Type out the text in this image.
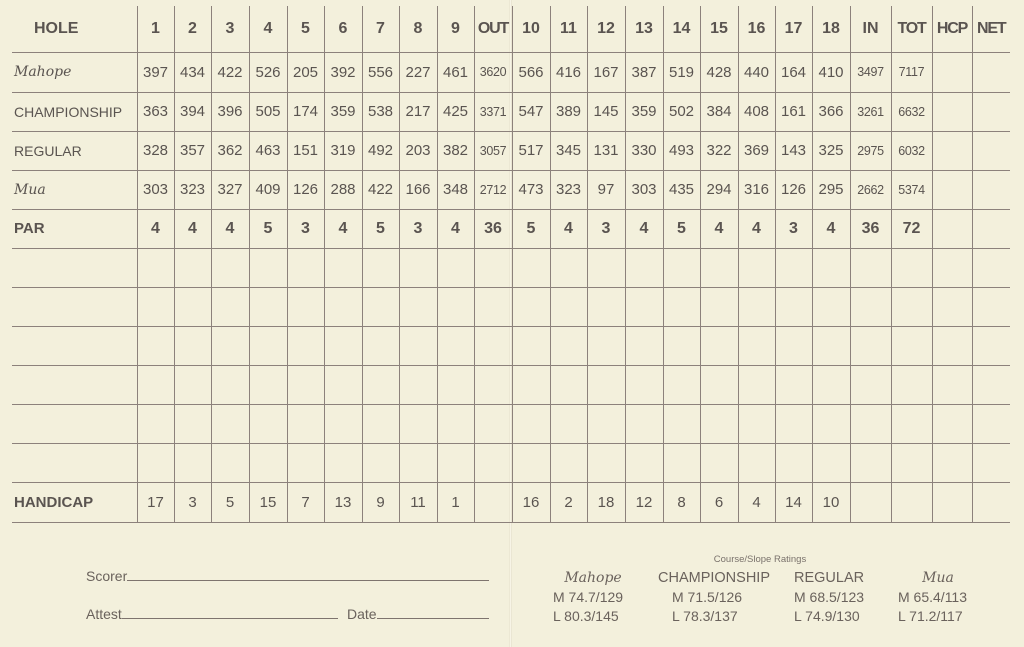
HOLE	1	2	3	4	5	6	7	8	9	OUT	10	11	12	13	14	15	16	17	18	IN	TOT	HCP	NET
Mahope	397	434	422	526	205	392	556	227	461	3620	566	416	167	387	519	428	440	164	410	3497	7117		
CHAMPIONSHIP	363	394	396	505	174	359	538	217	425	3371	547	389	145	359	502	384	408	161	366	3261	6632		
REGULAR	328	357	362	463	151	319	492	203	382	3057	517	345	131	330	493	322	369	143	325	2975	6032		
Mua	303	323	327	409	126	288	422	166	348	2712	473	323	97	303	435	294	316	126	295	2662	5374		
PAR	4	4	4	5	3	4	5	3	4	36	5	4	3	4	5	4	4	3	4	36	72		

HANDICAP	17	3	5	15	7	13	9	11	1		16	2	18	12	8	6	4	14	10				
Scorer
Attest	Date
Course/Slope Ratings
Mahope
M 74.7/129
L 80.3/145
CHAMPIONSHIP
M 71.5/126
L 78.3/137
REGULAR
M 68.5/123
L 74.9/130
Mua
M 65.4/113
L 71.2/117
